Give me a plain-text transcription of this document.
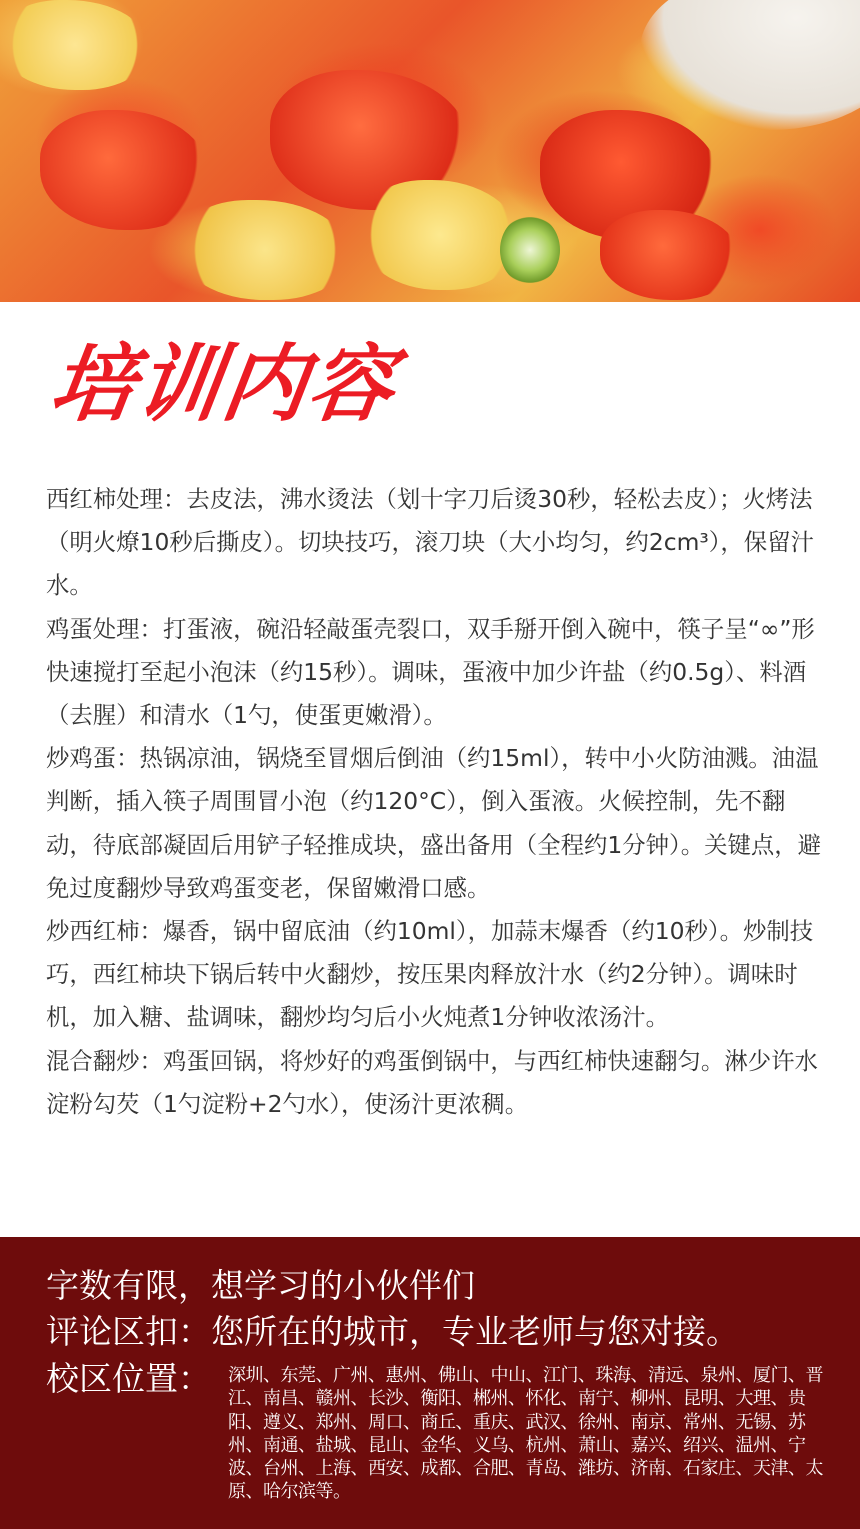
培训内容

西红柿处理：去皮法，沸水烫法（划十字刀后烫30秒，轻松去皮）；火烤法（明火燎10秒后撕皮）。切块技巧，滚刀块（大小均匀，约2cm³），保留汁水。

鸡蛋处理：打蛋液，碗沿轻敲蛋壳裂口，双手掰开倒入碗中，筷子呈“∞”形快速搅打至起小泡沫（约15秒）。调味，蛋液中加少许盐（约0.5g）、料酒（去腥）和清水（1勺，使蛋更嫩滑）。

炒鸡蛋：热锅凉油，锅烧至冒烟后倒油（约15ml），转中小火防油溅。油温判断，插入筷子周围冒小泡（约120°C），倒入蛋液。火候控制，先不翻动，待底部凝固后用铲子轻推成块，盛出备用（全程约1分钟）。关键点，避免过度翻炒导致鸡蛋变老，保留嫩滑口感。

炒西红柿：爆香，锅中留底油（约10ml），加蒜末爆香（约10秒）。炒制技巧，西红柿块下锅后转中火翻炒，按压果肉释放汁水（约2分钟）。调味时机，加入糖、盐调味，翻炒均匀后小火炖煮1分钟收浓汤汁。

混合翻炒：鸡蛋回锅，将炒好的鸡蛋倒锅中，与西红柿快速翻匀。淋少许水淀粉勾芡（1勺淀粉+2勺水），使汤汁更浓稠。

字数有限，想学习的小伙伴们
评论区扣：您所在的城市，专业老师与您对接。
校区位置： 深圳、东莞、广州、惠州、佛山、中山、江门、珠海、清远、泉州、厦门、晋江、南昌、赣州、长沙、衡阳、郴州、怀化、南宁、柳州、昆明、大理、贵阳、遵义、郑州、周口、商丘、重庆、武汉、徐州、南京、常州、无锡、苏州、南通、盐城、昆山、金华、义乌、杭州、萧山、嘉兴、绍兴、温州、宁波、台州、上海、西安、成都、合肥、青岛、潍坊、济南、石家庄、天津、太原、哈尔滨等。
